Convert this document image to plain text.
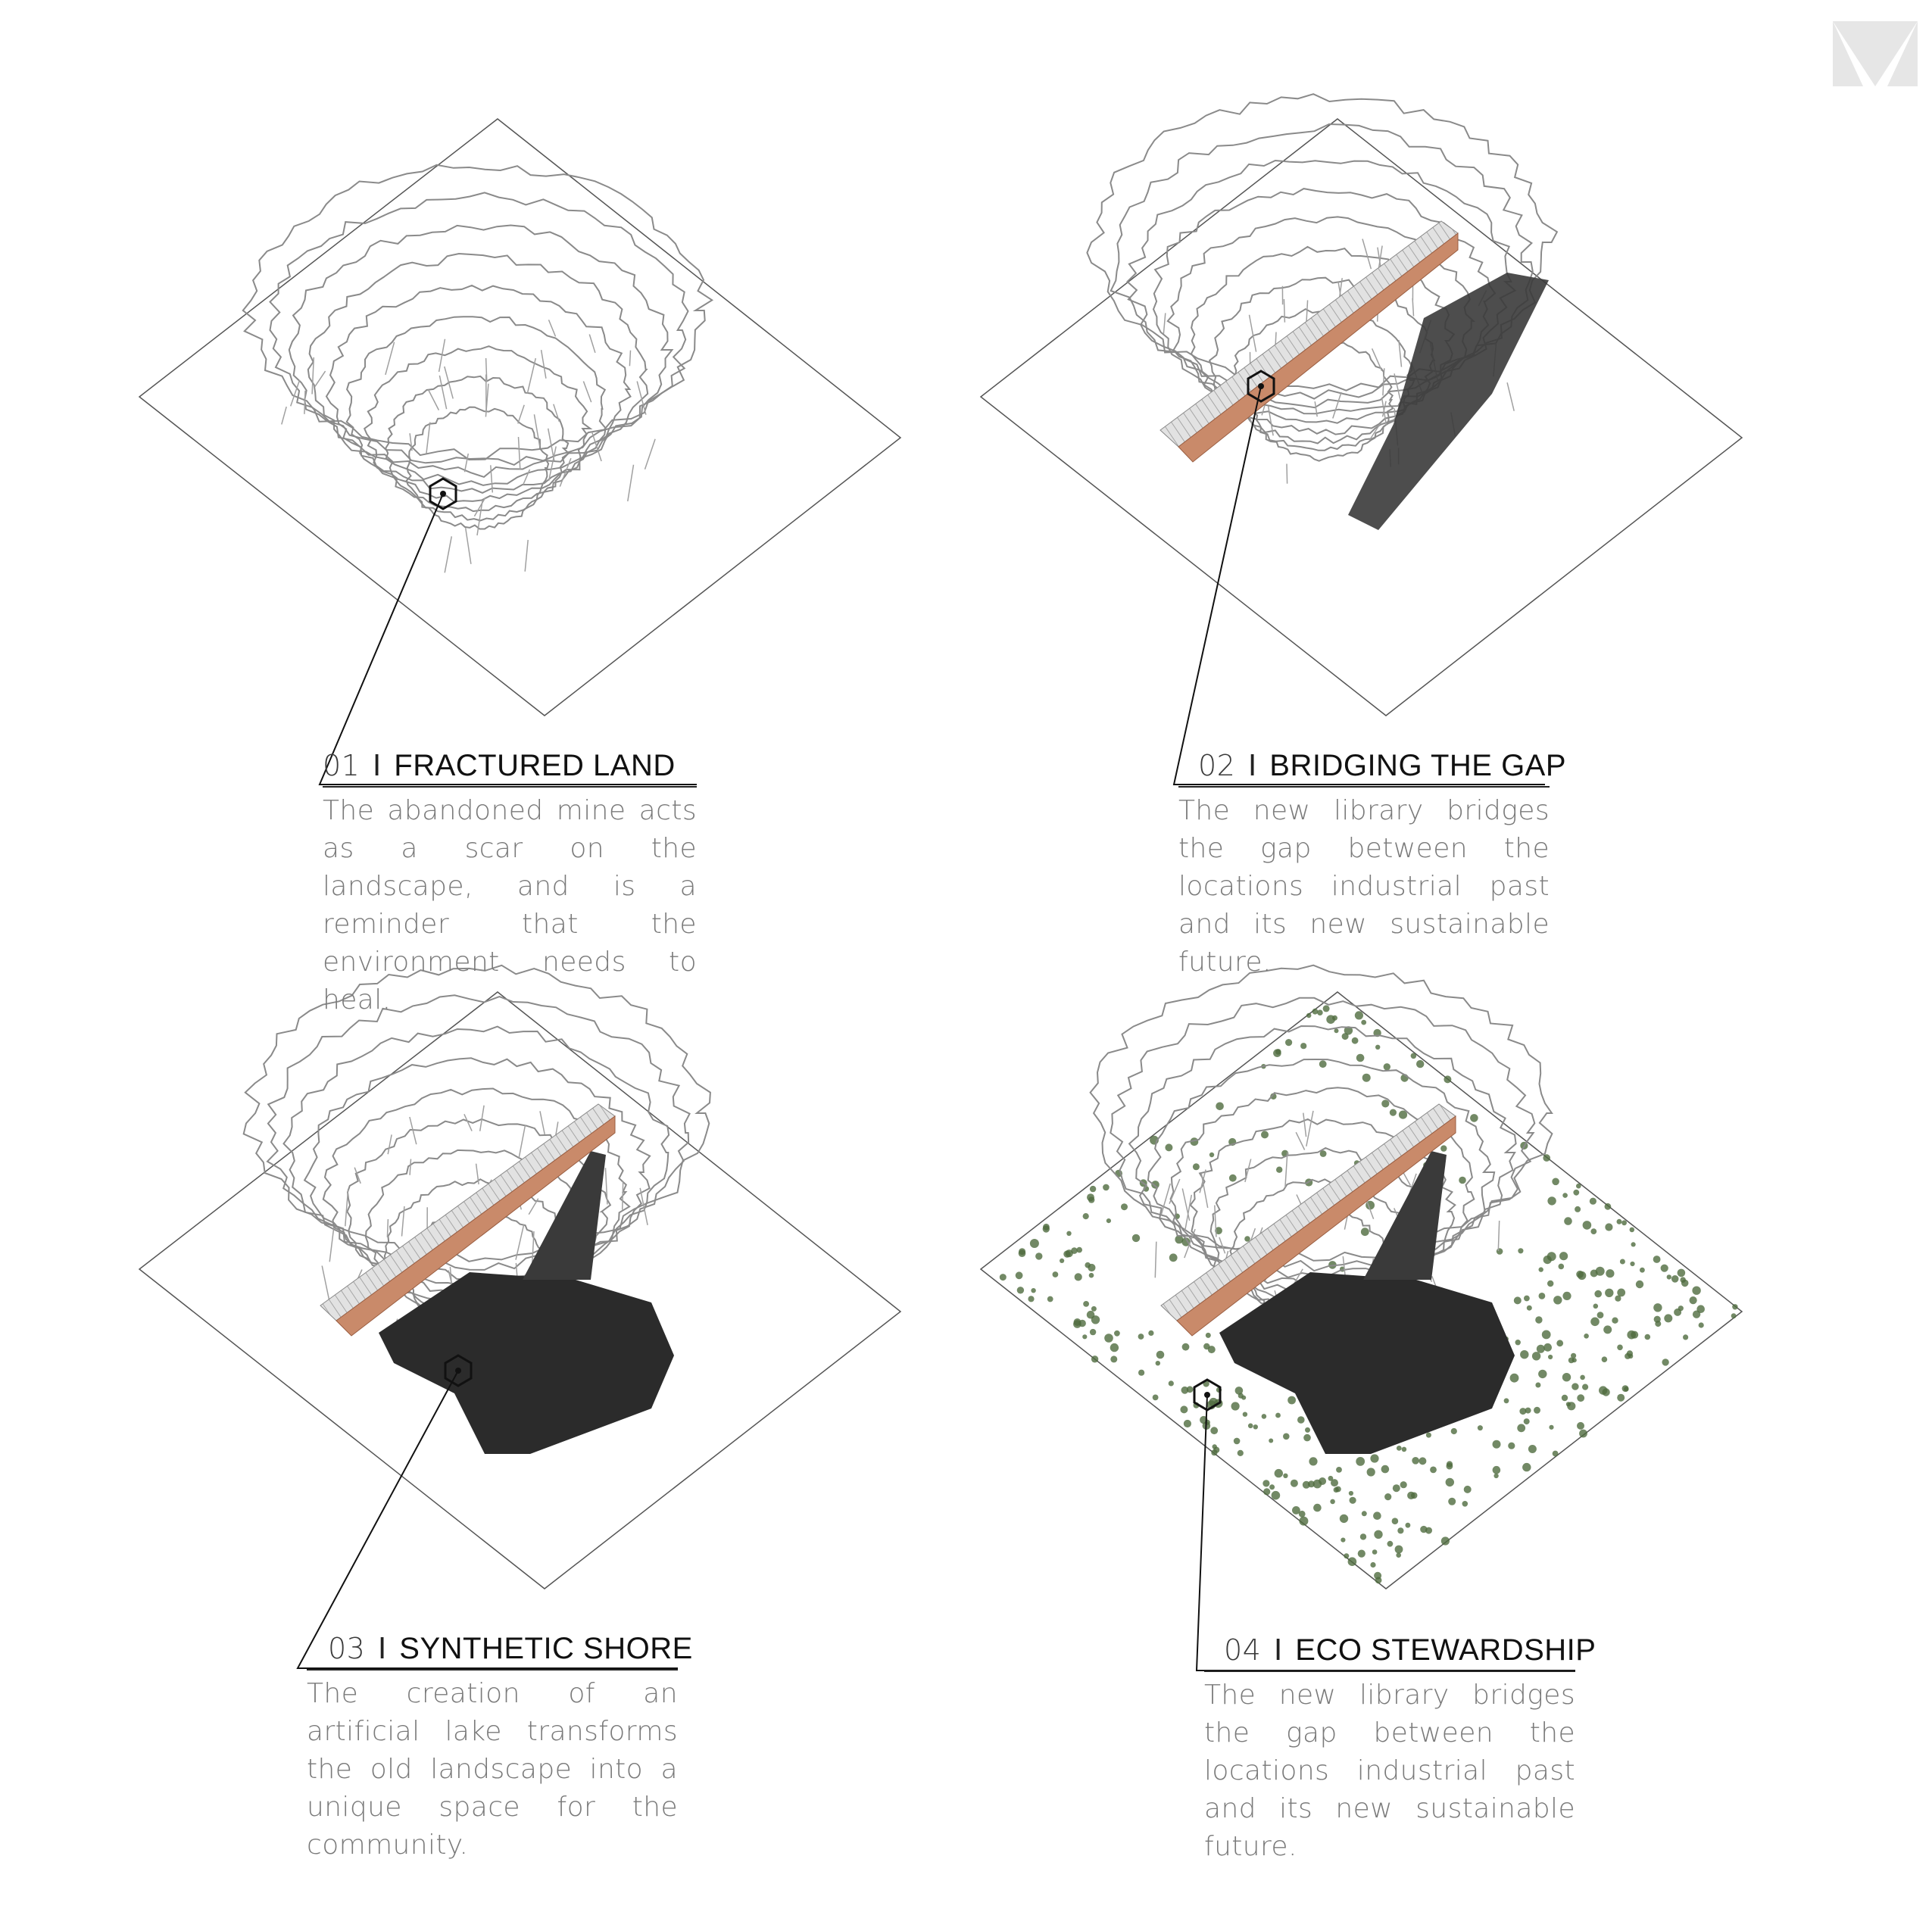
01 I FRACTURED LAND
The abandoned mine acts as a scar on the landscape, and is a reminder that the environment needs to heal.
02 I BRIDGING THE GAP
The new library bridges the gap between the locations industrial past and its new sustainable future.
03 I SYNTHETIC SHORE
The creation of an artificial lake transforms the old landscape into a unique space for the community.
04 I ECO STEWARDSHIP
The new library bridges the gap between the locations industrial past and its new sustainable future.
